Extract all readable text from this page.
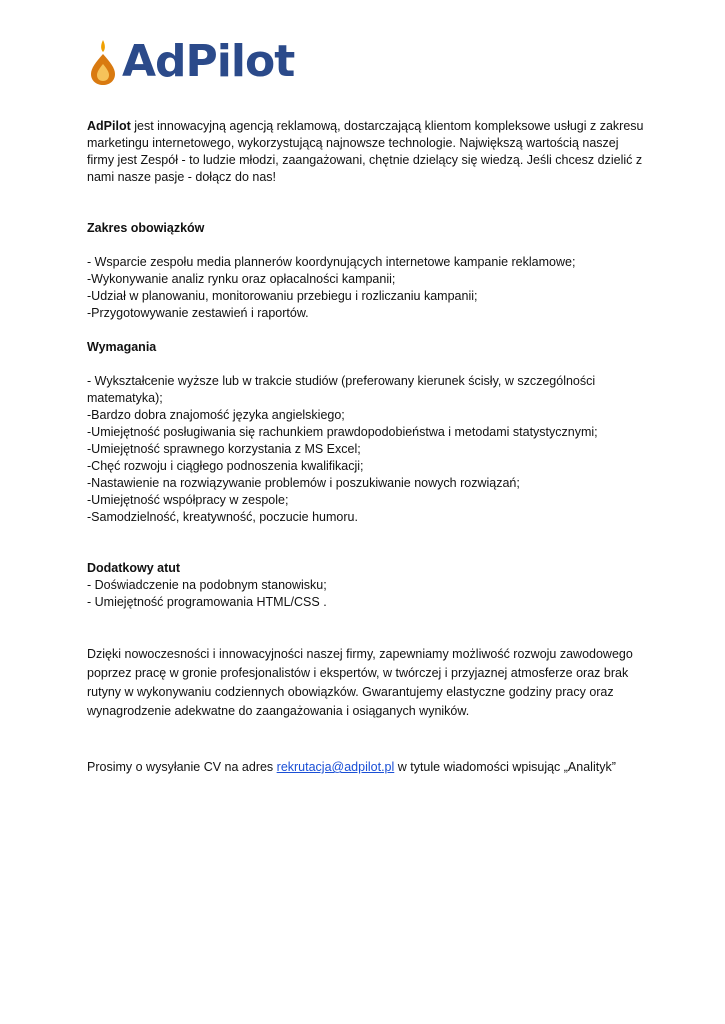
AdPilot

AdPilot jest innowacyjną agencją reklamową, dostarczającą klientom kompleksowe usługi z zakresu marketingu internetowego, wykorzystującą najnowsze technologie. Największą wartością naszej firmy jest Zespół - to ludzie młodzi, zaangażowani, chętnie dzielący się wiedzą. Jeśli chcesz dzielić z nami nasze pasje - dołącz do nas!

Zakres obowiązków
- Wsparcie zespołu media plannerów koordynujących internetowe kampanie reklamowe;
-Wykonywanie analiz rynku oraz opłacalności kampanii;
-Udział w planowaniu, monitorowaniu przebiegu i rozliczaniu kampanii;
-Przygotowywanie zestawień i raportów.
Wymagania
- Wykształcenie wyższe lub w trakcie studiów (preferowany kierunek ścisły, w szczególności matematyka);
-Bardzo dobra znajomość języka angielskiego;
-Umiejętność posługiwania się rachunkiem prawdopodobieństwa i metodami statystycznymi;
-Umiejętność sprawnego korzystania z MS Excel;
-Chęć rozwoju i ciągłego podnoszenia kwalifikacji;
-Nastawienie na rozwiązywanie problemów i poszukiwanie nowych rozwiązań;
-Umiejętność współpracy w zespole;
-Samodzielność, kreatywność, poczucie humoru.
Dodatkowy atut
- Doświadczenie na podobnym stanowisku;
- Umiejętność programowania HTML/CSS .

Dzięki nowoczesności i innowacyjności naszej firmy, zapewniamy możliwość rozwoju zawodowego poprzez pracę w gronie profesjonalistów i ekspertów, w twórczej i przyjaznej atmosferze oraz brak rutyny w wykonywaniu codziennych obowiązków. Gwarantujemy elastyczne godziny pracy oraz wynagrodzenie adekwatne do zaangażowania i osiąganych wyników.

Prosimy o wysyłanie CV na adres rekrutacja@adpilot.pl w tytule wiadomości wpisując „Analityk”
